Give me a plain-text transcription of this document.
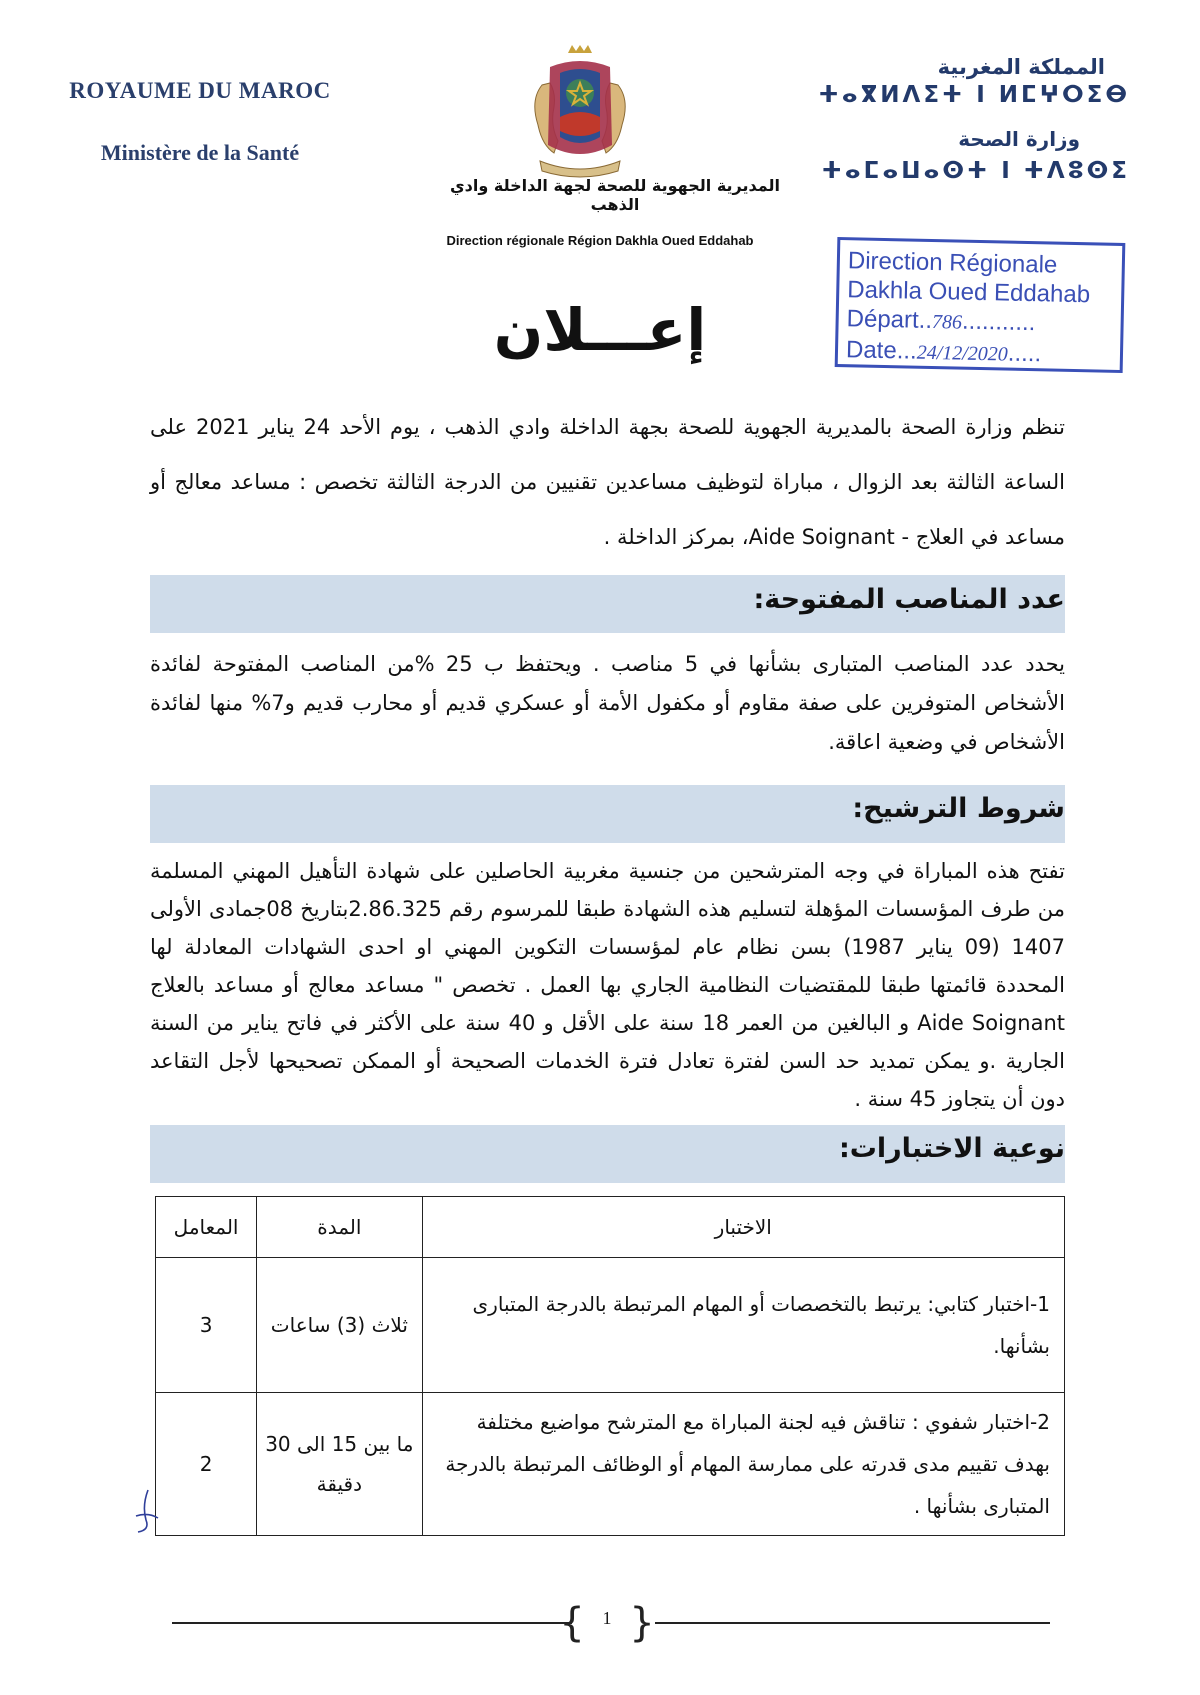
ROYAUME DU MAROC
Ministère de la Santé
المملكة المغربية
ⵜⴰⴳⵍⴷⵉⵜ ⵏ ⵍⵎⵖⵔⵉⴱ
وزارة الصحة
ⵜⴰⵎⴰⵡⴰⵙⵜ ⵏ ⵜⴷⵓⵙⵉ
المديرية الجهوية للصحة لجهة الداخلة وادي الذهب
Direction régionale Région Dakhla Oued Eddahab
Direction Régionale
Dakhla Oued Eddahab
Départ..786...........
Date...24/12/2020.....
إعـــلان
تنظم وزارة الصحة بالمديرية الجهوية للصحة بجهة الداخلة وادي الذهب ، يوم الأحد 24 يناير 2021 على الساعة الثالثة بعد الزوال ، مباراة لتوظيف مساعدين تقنيين من الدرجة الثالثة تخصص : مساعد معالج أو مساعد في العلاج - Aide Soignant، بمركز الداخلة .
عدد المناصب المفتوحة:
يحدد عدد المناصب المتبارى بشأنها في 5 مناصب . ويحتفظ ب 25 %من المناصب المفتوحة لفائدة الأشخاص المتوفرين على صفة مقاوم أو مكفول الأمة أو عسكري قديم أو محارب قديم و7% منها لفائدة الأشخاص في وضعية اعاقة.
شروط الترشيح:
تفتح هذه المباراة في وجه المترشحين من جنسية مغربية الحاصلين على شهادة التأهيل المهني المسلمة من طرف المؤسسات المؤهلة لتسليم هذه الشهادة طبقا للمرسوم رقم 2.86.325بتاريخ 08جمادى الأولى 1407 (09 يناير 1987) بسن نظام عام لمؤسسات التكوين المهني او احدى الشهادات المعادلة لها المحددة قائمتها طبقا للمقتضيات النظامية الجاري بها العمل . تخصص " مساعد معالج أو مساعد بالعلاج Aide Soignant و البالغين من العمر 18 سنة على الأقل و 40 سنة على الأكثر في فاتح يناير من السنة الجارية .و يمكن تمديد حد السن لفترة تعادل فترة الخدمات الصحيحة أو الممكن تصحيحها لأجل التقاعد دون أن يتجاوز 45 سنة .
نوعية الاختبارات:
الاختبار	المدة	المعامل
1-اختبار كتابي: يرتبط بالتخصصات أو المهام المرتبطة بالدرجة المتبارى بشأنها.	ثلاث (3) ساعات	3
2-اختبار شفوي : تناقش فيه لجنة المباراة مع المترشح مواضيع مختلفة بهدف تقييم مدى قدرته على ممارسة المهام أو الوظائف المرتبطة بالدرجة المتبارى بشأنها .	ما بين 15 الى 30 دقيقة	2
{	1 }
